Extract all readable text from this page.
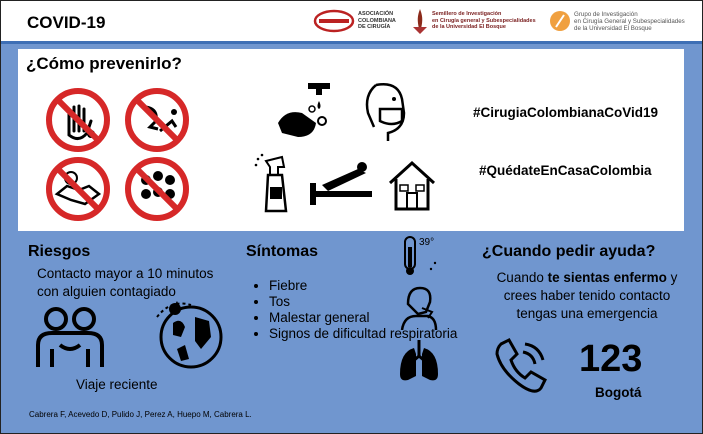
COVID-19	ASOCIACIÓN
COLOMBIANA
DE CIRUGÍA
Semillero de Investigación
en Cirugía general y Subespecialidades
de la Universidad El Bosque
Grupo de Investigación
en Cirugía General y Subespecialidades
de la Universidad El Bosque
¿Cómo prevenirlo?
#CirugiaColombianaCoVid19
#QuédateEnCasaColombia
Riesgos
Contacto mayor a 10 minutos con alguien contagiado
Viaje reciente
Síntomas
• Fiebre
• Tos
• Malestar general
• Signos de dificultad respiratoria
39°
¿Cuando pedir ayuda?
Cuando te sientas enfermo y
crees haber tenido contacto
tengas una emergencia
123
Bogotá
Cabrera F, Acevedo D, Pulido J, Perez A, Huepo M, Cabrera L.
